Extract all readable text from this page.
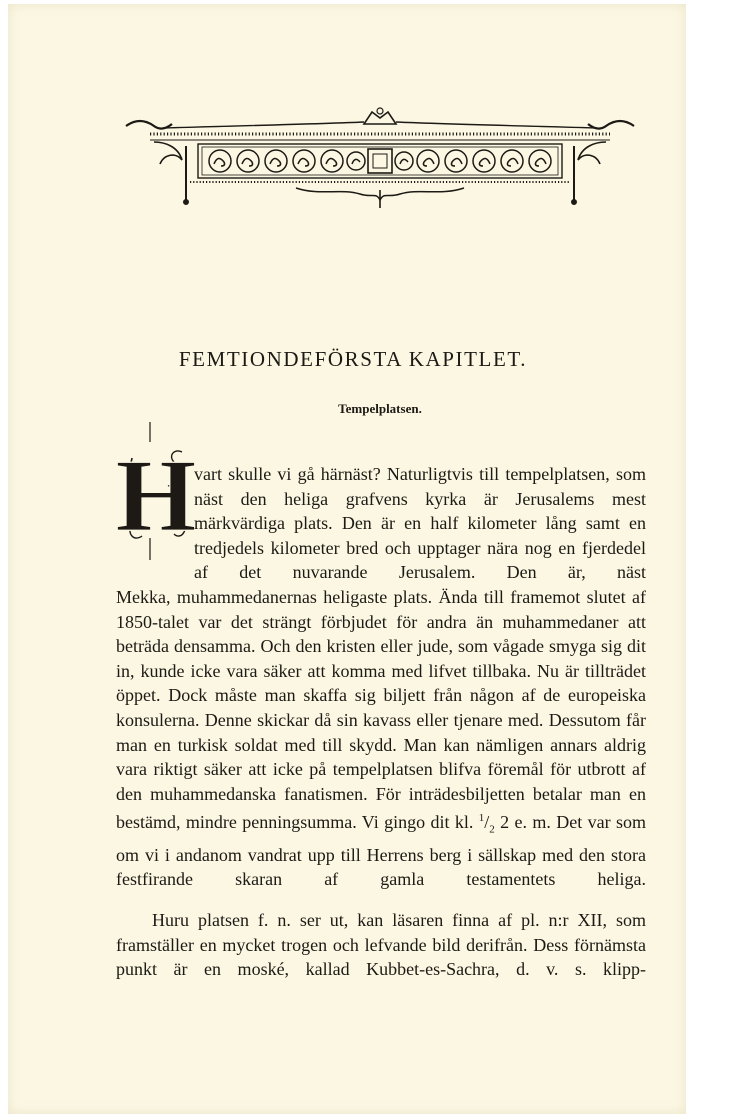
FEMTIONDEFÖRSTA KAPITLET.

Tempelplatsen.

H

vart skulle vi gå härnäst? Naturligtvis till tempelplatsen, som näst den heliga grafvens kyrka är Jerusalems mest märkvärdiga plats. Den är en half kilometer lång samt en tredjedels kilometer bred och upptager nära nog en fjerdedel af det nuvarande Jerusalem. Den är, näst

Mekka, muhammedanernas heligaste plats. Ända till framemot slutet af 1850-talet var det strängt förbjudet för andra än muhammedaner att beträda densamma. Och den kristen eller jude, som vågade smyga sig dit in, kunde icke vara säker att komma med lifvet tillbaka. Nu är tillträdet öppet. Dock måste man skaffa sig biljett från någon af de europeiska konsulerna. Denne skickar då sin kavass eller tjenare med. Dessutom får man en turkisk soldat med till skydd. Man kan nämligen annars aldrig vara riktigt säker att icke på tempelplatsen blifva föremål för utbrott af den muhammedanska fanatismen. För inträdesbiljetten betalar man en bestämd, mindre penningsumma. Vi gingo dit kl. $^1/_2$ 2 e. m. Det var som om vi i andanom vandrat upp till Herrens berg i sällskap med den stora festfirande skaran af gamla testamentets heliga.

Huru platsen f. n. ser ut, kan läsaren finna af pl. n:r XII, som framställer en mycket trogen och lefvande bild derifrån. Dess förnämsta punkt är en moské, kallad Kubbet-es-Sachra, d. v. s. klipp-
